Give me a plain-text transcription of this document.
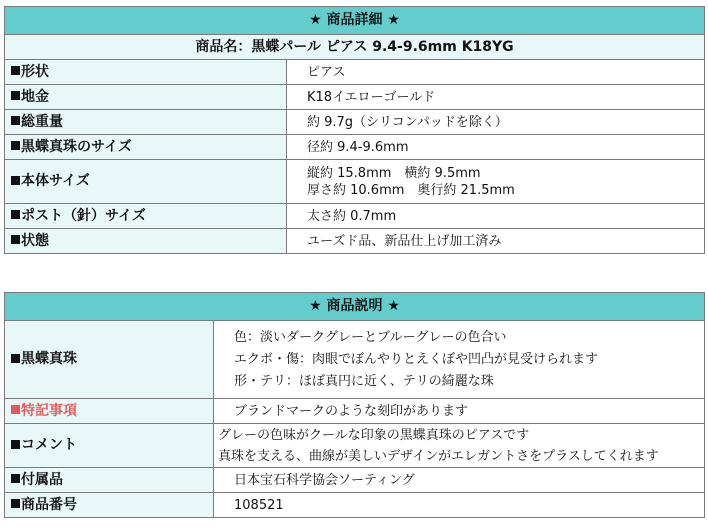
★ 商品詳細 ★	
商品名：黒蝶パール ピアス 9.4-9.6mm K18YG	
形状	ピアス
地金	K18イエローゴールド
総重量	約 9.7g（シリコンパッドを除く）
黒蝶真珠のサイズ	径約 9.4-9.6mm
本体サイズ	縦約 15.8mm　横約 9.5mm
厚さ約 10.6mm　奥行約 21.5mm

ポスト（針）サイズ	太さ約 0.7mm
状態	ユーズド品、新品仕上げ加工済み
★ 商品説明 ★	
黒蝶真珠	色：淡いダークグレーとブルーグレーの色合い
エクボ・傷：肉眼でぼんやりとえくぼや凹凸が見受けられます
形・テリ：ほぼ真円に近く、テリの綺麗な珠

特記事項	ブランドマークのような刻印があります
コメント	グレーの色味がクールな印象の黒蝶真珠のピアスです
真珠を支える、曲線が美しいデザインがエレガントさをプラスしてくれます

付属品	日本宝石科学協会ソーティング
商品番号	108521
